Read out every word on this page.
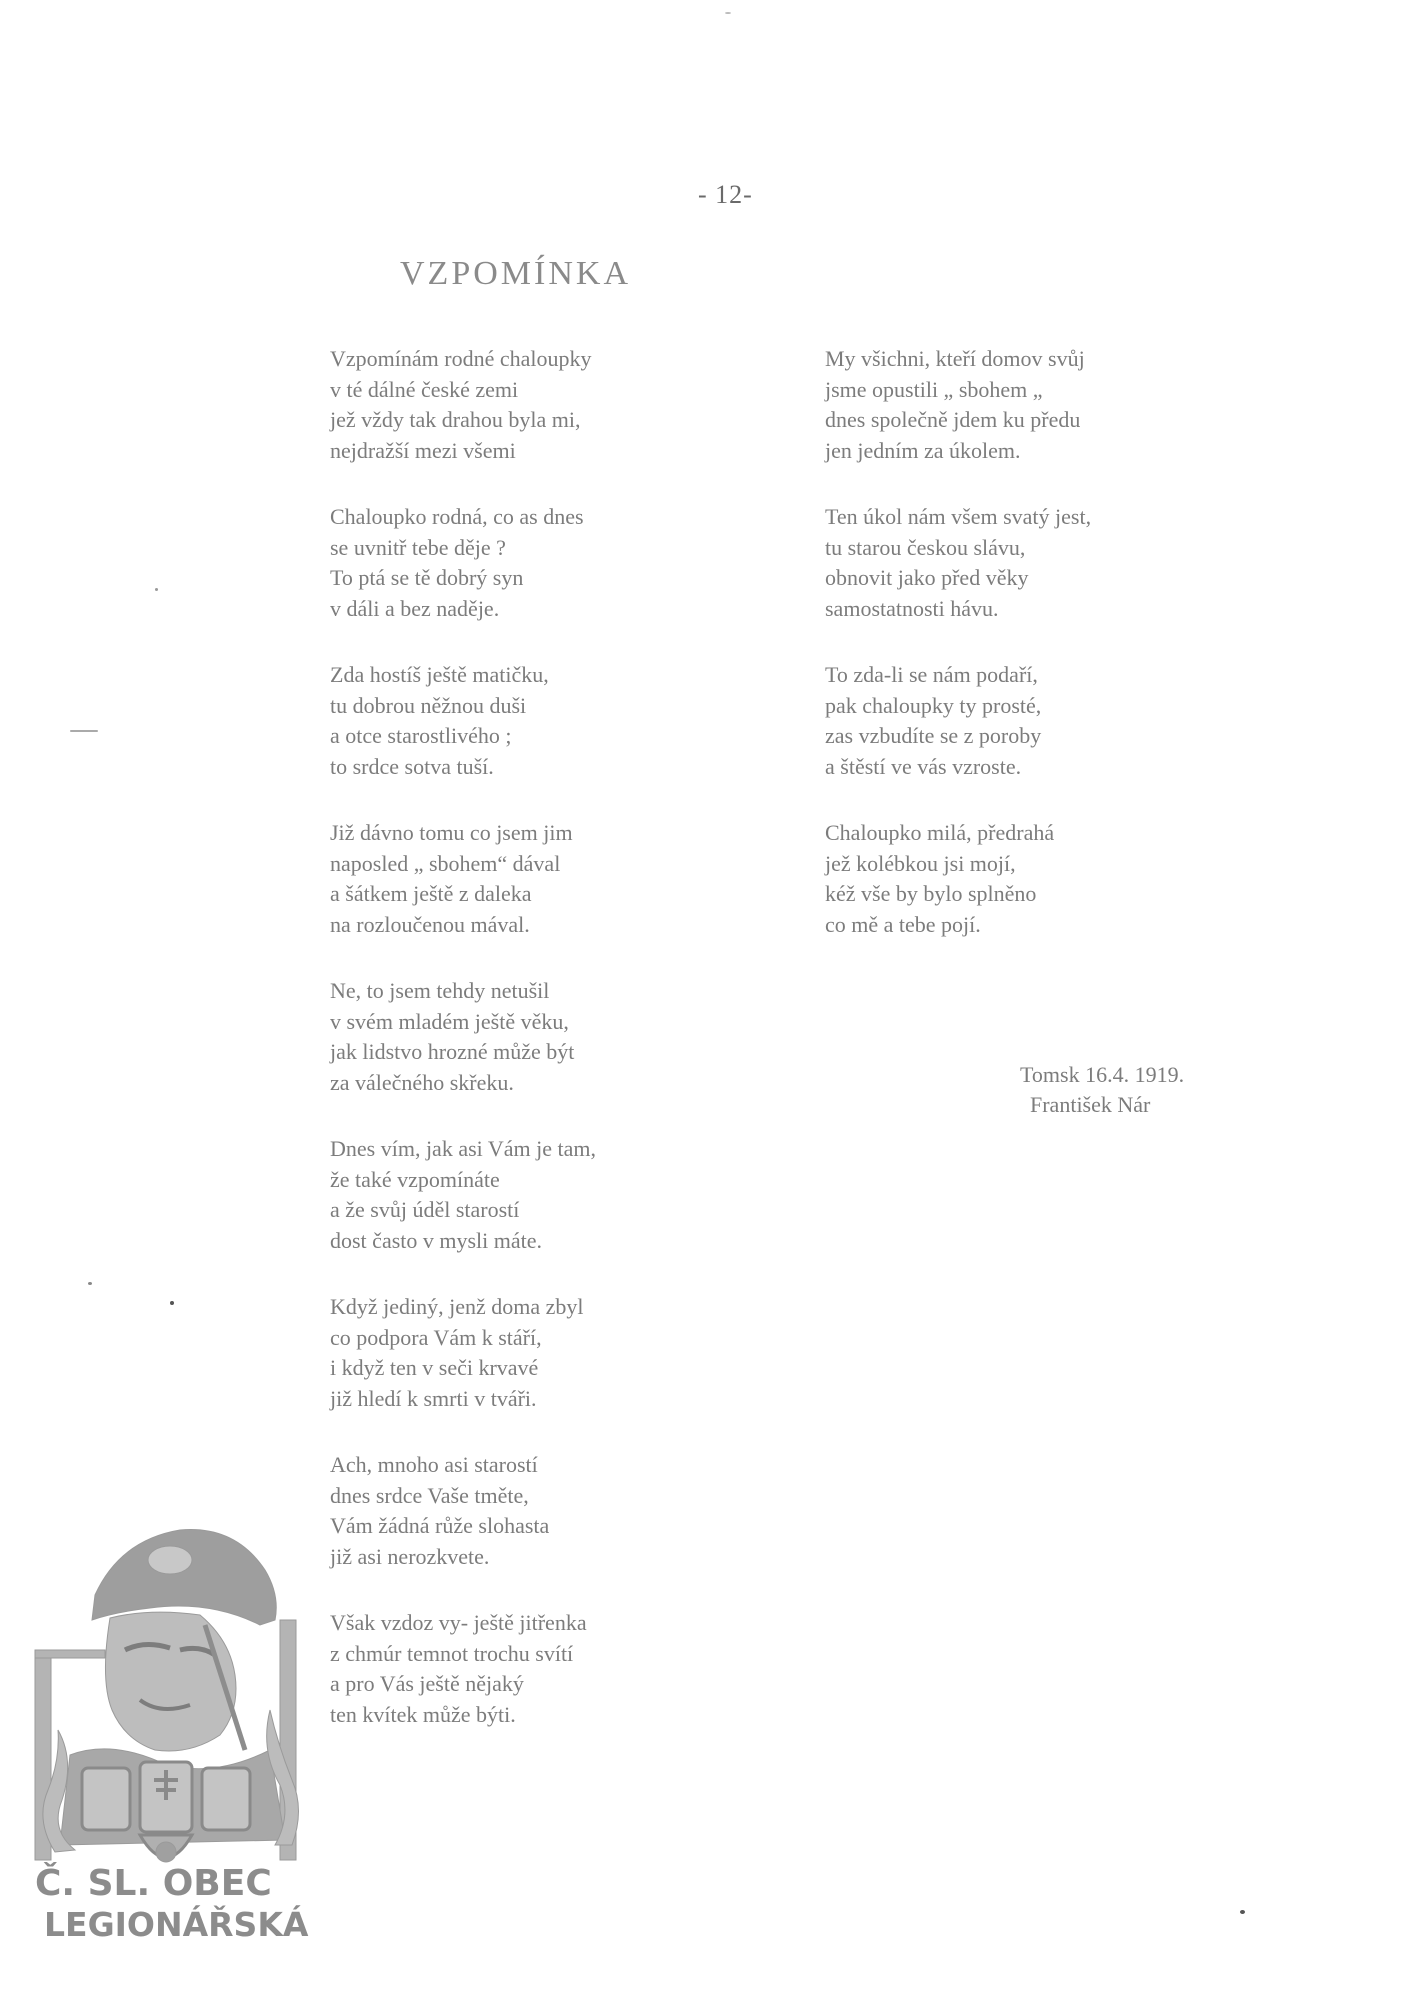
- 12-
VZPOMÍNKA
Vzpomínám rodné chaloupky
v té dálné české zemi
jež vždy tak drahou byla mi,
nejdražší mezi všemi
Chaloupko rodná, co as dnes
se uvnitř tebe děje ?
To ptá se tě dobrý syn
v dáli a bez naděje.
Zda hostíš ještě matičku,
tu dobrou něžnou duši
a otce starostlivého ;
to srdce sotva tuší.
Již dávno tomu co jsem jim
naposled „ sbohem“ dával
a šátkem ještě z daleka
na rozloučenou mával.
Ne, to jsem tehdy netušil
v svém mladém ještě věku,
jak lidstvo hrozné může být
za válečného skřeku.
Dnes vím, jak asi Vám je tam,
že také vzpomínáte
a že svůj úděl starostí
dost často v mysli máte.
Když jediný, jenž doma zbyl
co podpora Vám k stáří,
i když ten v seči krvavé
již hledí k smrti v tváři.
Ach, mnoho asi starostí
dnes srdce Vaše tměte,
Vám žádná růže slohasta
již asi nerozkvete.
Však vzdoz vy- ještě jitřenka
z chmúr temnot trochu svítí
a pro Vás ještě nějaký
ten kvítek může býti.
My všichni, kteří domov svůj
jsme opustili „ sbohem „
dnes společně jdem ku předu
jen jedním za úkolem.
Ten úkol nám všem svatý jest,
tu starou českou slávu,
obnovit jako před věky
samostatnosti hávu.
To zda-li se nám podaří,
pak chaloupky ty prosté,
zas vzbudíte se z poroby
a štěstí ve vás vzroste.
Chaloupko milá, předrahá
jež kolébkou jsi mojí,
kéž vše by bylo splněno
co mě a tebe pojí.
Tomsk 16.4. 1919.
František Nár
Č. SL. OBEC
LEGIONÁŘSKÁ
